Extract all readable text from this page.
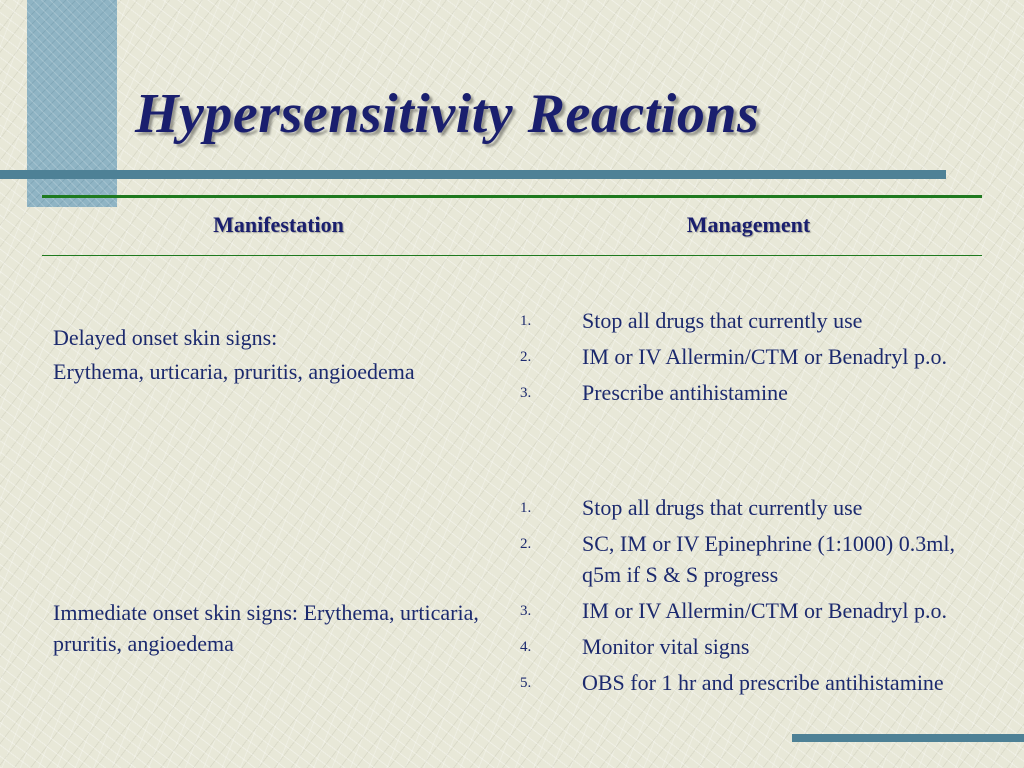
Hypersensitivity Reactions
Manifestation	Management

Delayed onset skin signs:

Erythema, urticaria, pruritis, angioedema

1. Stop all drugs that currently use
2. IM or IV Allermin/CTM or Benadryl p.o.
3. Prescribe antihistamine

Immediate onset skin signs: Erythema, urticaria, pruritis, angioedema

1. Stop all drugs that currently use
2. SC, IM or IV Epinephrine (1:1000) 0.3ml, q5m if S & S progress
3. IM or IV Allermin/CTM or Benadryl p.o.
4. Monitor vital signs
5. OBS for 1 hr and prescribe antihistamine
